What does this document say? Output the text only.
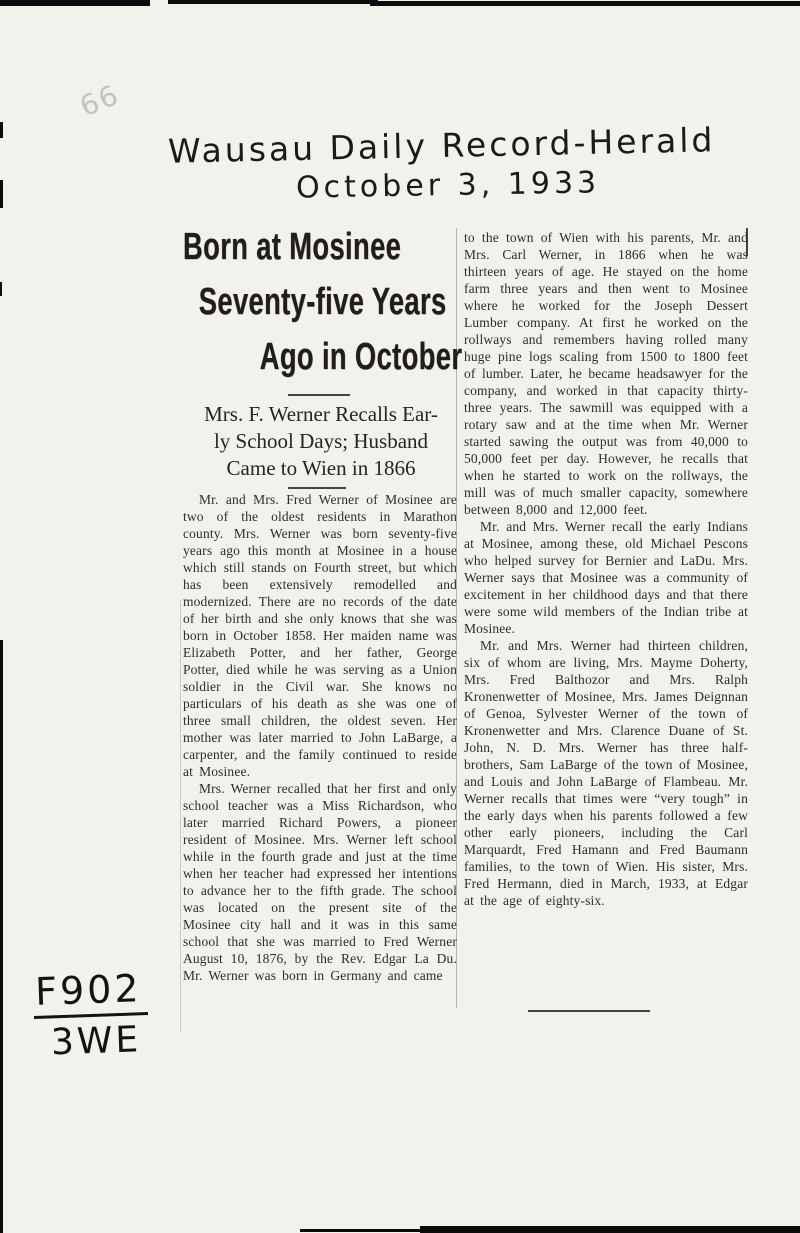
66
Wausau Daily Record-Herald
October 3, 1933
Born at Mosinee
Seventy-five Years
Ago in October
Mrs. F. Werner Recalls Ear-
ly School Days; Husband
Came to Wien in 1866

Mr. and Mrs. Fred Werner of Mosinee are two of the oldest residents in Marathon county. Mrs. Werner was born seventy-five years ago this month at Mosinee in a house which still stands on Fourth street, but which has been extensively remodelled and modernized. There are no records of the date of her birth and she only knows that she was born in October 1858. Her maiden name was Elizabeth Potter, and her father, George Potter, died while he was serving as a Union soldier in the Civil war. She knows no particulars of his death as she was one of three small children, the oldest seven. Her mother was later married to John LaBarge, a carpenter, and the family continued to reside at Mosinee.

Mrs. Werner recalled that her first and only school teacher was a Miss Richardson, who later married Richard Powers, a pioneer resident of Mosinee. Mrs. Werner left school while in the fourth grade and just at the time when her teacher had expressed her intentions to advance her to the fifth grade. The school was located on the present site of the Mosinee city hall and it was in this same school that she was married to Fred Werner August 10, 1876, by the Rev. Edgar La Du. Mr. Werner was born in Germany and came

to the town of Wien with his parents, Mr. and Mrs. Carl Werner, in 1866 when he was thirteen years of age. He stayed on the home farm three years and then went to Mosinee where he worked for the Joseph Dessert Lumber company. At first he worked on the rollways and remembers having rolled many huge pine logs scaling from 1500 to 1800 feet of lumber. Later, he became headsawyer for the company, and worked in that capacity thirty-three years. The sawmill was equipped with a rotary saw and at the time when Mr. Werner started sawing the output was from 40,000 to 50,000 feet per day. However, he recalls that when he started to work on the rollways, the mill was of much smaller capacity, somewhere between 8,000 and 12,000 feet.

Mr. and Mrs. Werner recall the early Indians at Mosinee, among these, old Michael Pescons who helped survey for Bernier and LaDu. Mrs. Werner says that Mosinee was a community of excitement in her childhood days and that there were some wild members of the Indian tribe at Mosinee.

Mr. and Mrs. Werner had thirteen children, six of whom are living, Mrs. Mayme Doherty, Mrs. Fred Balthozor and Mrs. Ralph Kronenwetter of Mosinee, Mrs. James Deignnan of Genoa, Sylvester Werner of the town of Kronenwetter and Mrs. Clarence Duane of St. John, N. D. Mrs. Werner has three half-brothers, Sam LaBarge of the town of Mosinee, and Louis and John LaBarge of Flambeau. Mr. Werner recalls that times were “very tough” in the early days when his parents followed a few other early pioneers, including the Carl Marquardt, Fred Hamann and Fred Baumann families, to the town of Wien. His sister, Mrs. Fred Hermann, died in March, 1933, at Edgar at the age of eighty-six.

F902
3WE
